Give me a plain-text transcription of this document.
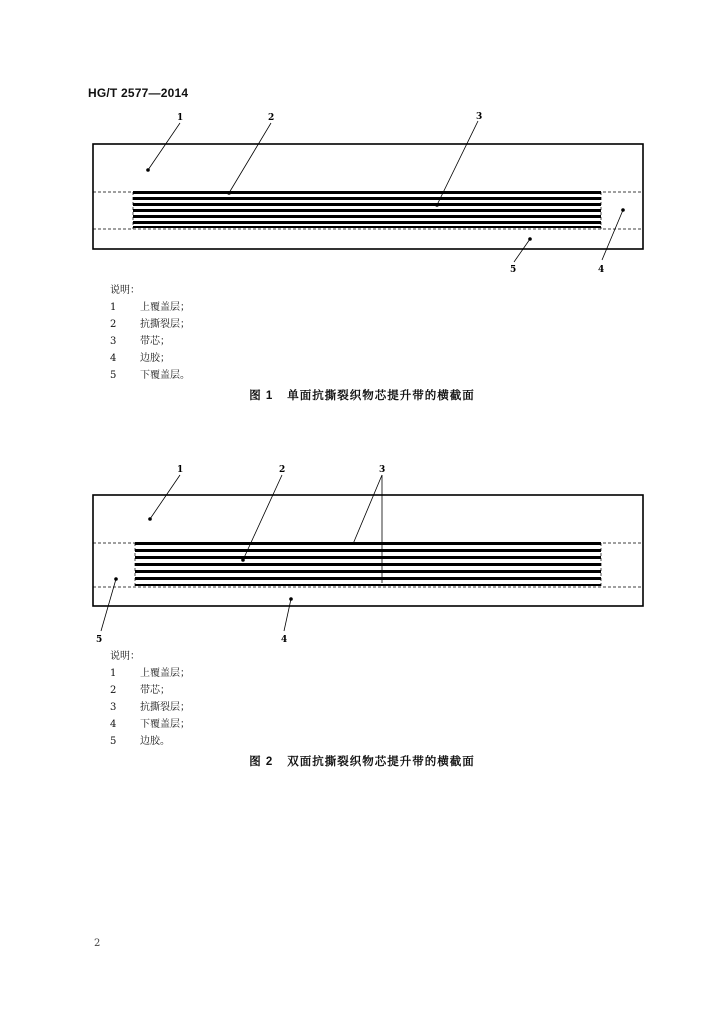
HG/T 2577—2014
1	2	3
4
5
说明：
1	上覆盖层；
2	抗撕裂层；
3	带芯；
4	边胶；
5	下覆盖层。
图 1 单面抗撕裂织物芯提升带的横截面
1	2	3
4
5
说明：
1	上覆盖层；
2	带芯；
3	抗撕裂层；
4	下覆盖层；
5	边胶。
图 2 双面抗撕裂织物芯提升带的横截面
2
